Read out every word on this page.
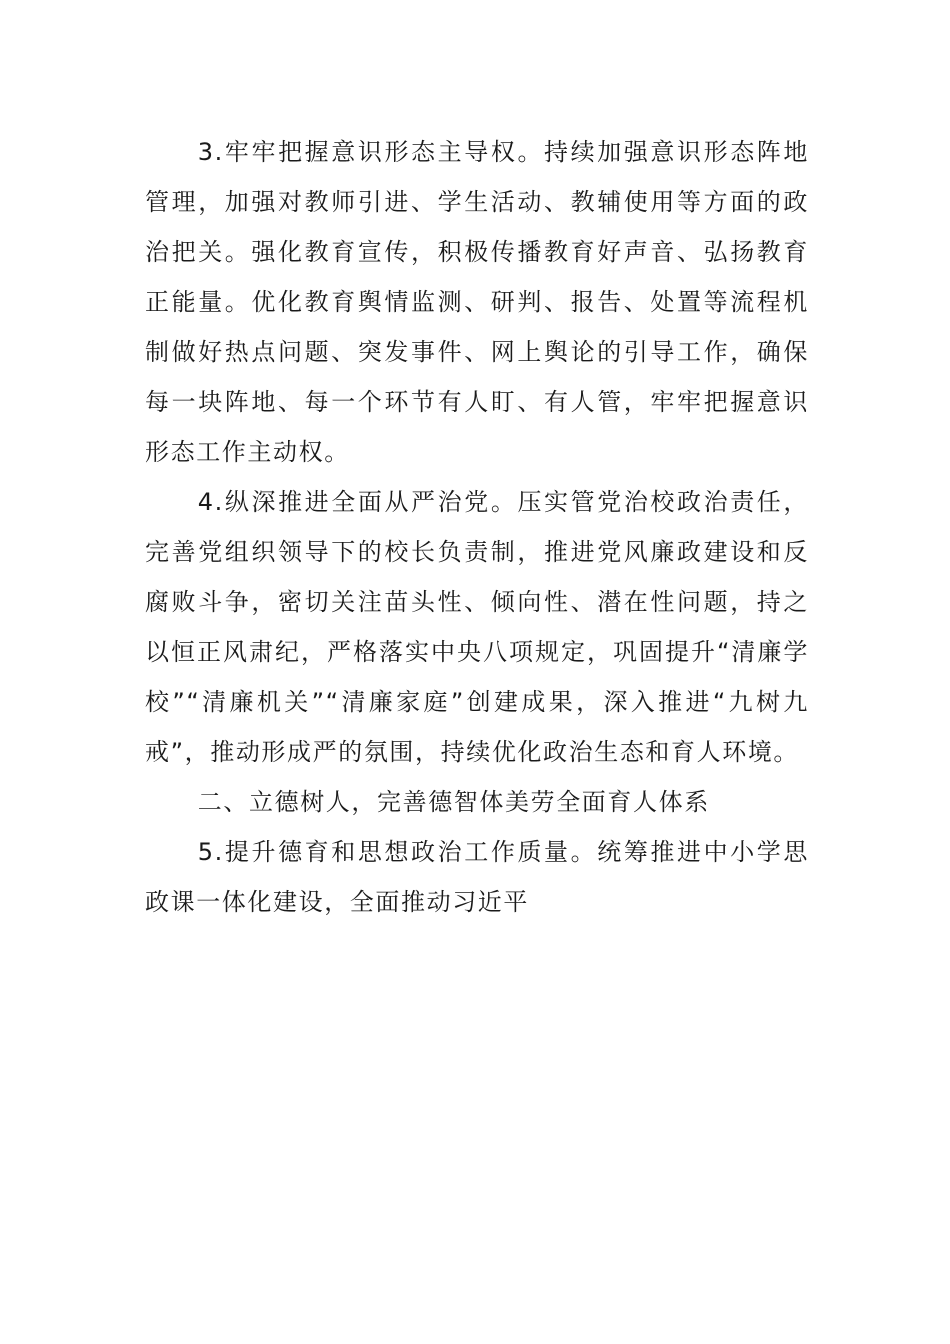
3.牢牢把握意识形态主导权。持续加强意识形态阵地管理，加强对教师引进、学生活动、教辅使用等方面的政治把关。强化教育宣传，积极传播教育好声音、弘扬教育正能量。优化教育舆情监测、研判、报告、处置等流程机制做好热点问题、突发事件、网上舆论的引导工作，确保每一块阵地、每一个环节有人盯、有人管，牢牢把握意识形态工作主动权。

4.纵深推进全面从严治党。压实管党治校政治责任，完善党组织领导下的校长负责制，推进党风廉政建设和反腐败斗争，密切关注苗头性、倾向性、潜在性问题，持之以恒正风肃纪，严格落实中央八项规定，巩固提升“清廉学校”“清廉机关”“清廉家庭”创建成果，深入推进“九树九戒”，推动形成严的氛围，持续优化政治生态和育人环境。

二、立德树人，完善德智体美劳全面育人体系

5.提升德育和思想政治工作质量。统筹推进中小学思政课一体化建设，全面推动习近平
